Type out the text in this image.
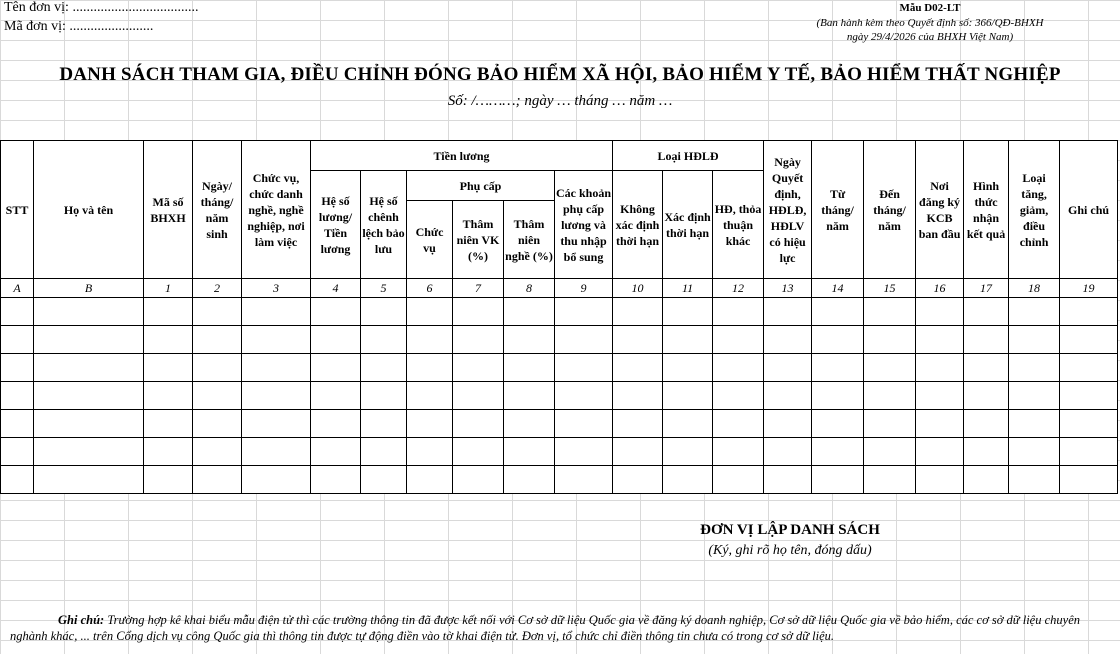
Tên đơn vị: ....................................
Mã đơn vị: ........................
Mẫu D02-LT
(Ban hành kèm theo Quyết định số: 366/QĐ-BHXH
ngày 29/4/2026 của BHXH Việt Nam)
DANH SÁCH THAM GIA, ĐIỀU CHỈNH ĐÓNG BẢO HIỂM XÃ HỘI, BẢO HIỂM Y TẾ, BẢO HIỂM THẤT NGHIỆP
Số: /………; ngày … tháng … năm …
STT	Họ và tên	Mã số BHXH	Ngày/ tháng/ năm sinh	Chức vụ, chức danh nghề, nghề nghiệp, nơi làm việc	Tiền lương						Loại HĐLĐ			Ngày Quyết định, HĐLĐ, HĐLV có hiệu lực	Từ tháng/ năm	Đến tháng/ năm	Nơi đăng ký KCB ban đầu	Hình thức nhận kết quả	Loại tăng, giảm, điều chỉnh	Ghi chú
					Hệ số lương/ Tiền lương	Hệ số chênh lệch bảo lưu	Phụ cấp			Các khoản phụ cấp lương và thu nhập bổ sung	Không xác định thời hạn	Xác định thời hạn	HĐ, thỏa thuận khác							
							Chức vụ	Thâm niên VK (%)	Thâm niên nghề (%)											
A	B	1	2	3	4	5	6	7	8	9	10	11	12	13	14	15	16	17	18	19

ĐƠN VỊ LẬP DANH SÁCH
(Ký, ghi rõ họ tên, đóng dấu)
Ghi chú: Trường hợp kê khai biểu mẫu điện tử thì các trường thông tin đã được kết nối với Cơ sở dữ liệu Quốc gia về đăng ký doanh nghiệp, Cơ sở dữ liệu Quốc gia về bảo hiểm, các cơ sở dữ liệu chuyên nghành khác, ... trên Cổng dịch vụ công Quốc gia thì thông tin được tự động điền vào tờ khai điện tử. Đơn vị, tổ chức chỉ điền thông tin chưa có trong cơ sở dữ liệu.
